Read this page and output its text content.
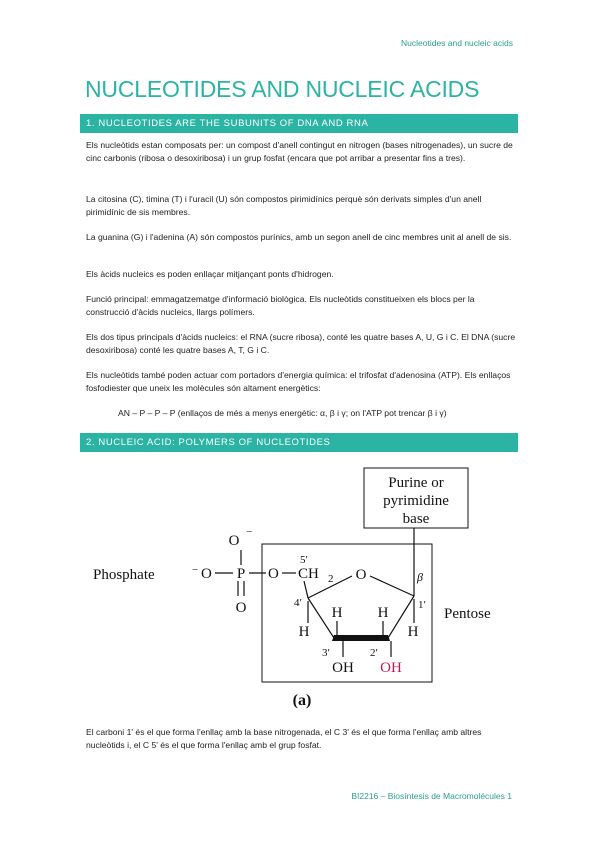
Nucleotides and nucleic acids
NUCLEOTIDES AND NUCLEIC ACIDS
1. NUCLEOTIDES ARE THE SUBUNITS OF DNA AND RNA
Els nucleòtids estan composats per: un compost d'anell contingut en nitrogen (bases nitrogenades), un sucre de cinc carbonis (ribosa o desoxiribosa) i un grup fosfat (encara que pot arribar a presentar fins a tres).
La citosina (C), timina (T) i l'uracil (U) són compostos pirimidínics perquè són derivats simples d'un anell pirimidínic de sis membres.
La guanina (G) i l'adenina (A) són compostos purínics, amb un segon anell de cinc membres unit al anell de sis.
Els àcids nucleics es poden enllaçar mitjançant ponts d'hidrogen.
Funció principal: emmagatzematge d'informació biològica. Els nucleòtids constitueixen els blocs per la construcció d'àcids nucleics, llargs polímers.
Els dos tipus principals d'àcids nucleics: el RNA (sucre ribosa), conté les quatre bases A, U, G i C. El DNA (sucre desoxiribosa) conté les quatre bases A, T, G i C.
Els nucleòtids també poden actuar com portadors d'energia química: el trifosfat d'adenosina (ATP). Els enllaços fosfodiester que uneix les molècules són altament energètics:
AN – P – P – P (enllaços de més a menys energètic: α, β i γ; on l'ATP pot trencar β i γ)
2. NUCLEIC ACID: POLYMERS OF NUCLEOTIDES
Purine or
pyrimidine
base
Phosphate
Pentose
O
−
− O P O
O
5′
CH 2 O	β
4′	1′
3′	2′
H H
H	H
OH OH
(a)
El carboni 1' és el que forma l'enllaç amb la base nitrogenada, el C 3' és el que forma l'enllaç amb altres nucleòtids i, el C 5' és el que forma l'enllaç amb el grup fosfat.
BI2216 – Biosíntesis de Macromolécules 1
